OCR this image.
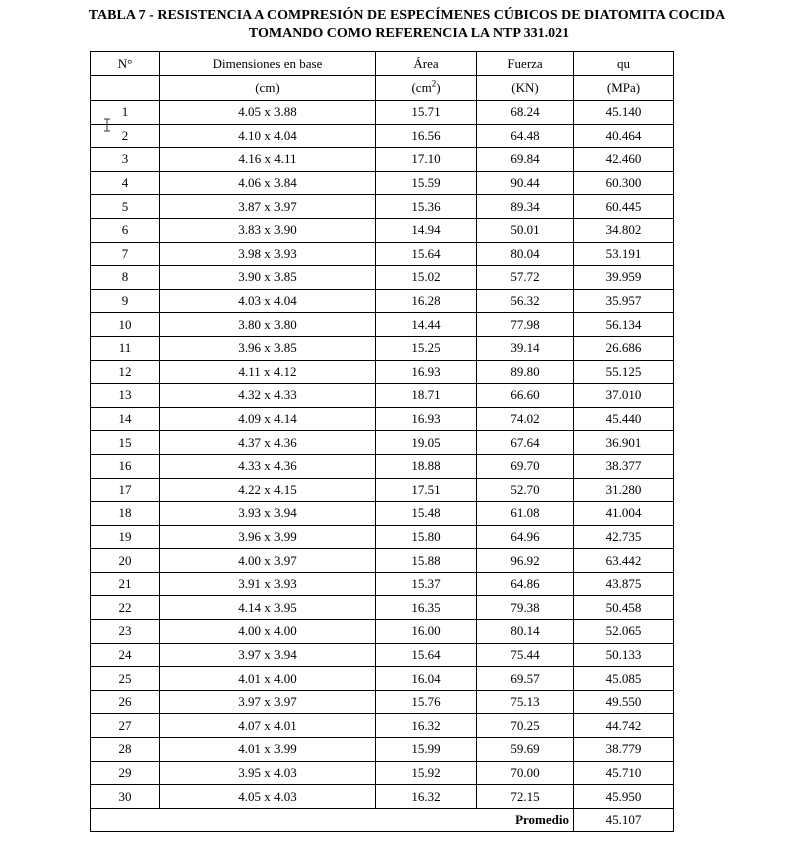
TABLA 7 - RESISTENCIA A COMPRESIÓN DE ESPECÍMENES CÚBICOS DE DIATOMITA COCIDA
TOMANDO COMO REFERENCIA LA NTP 331.021
N°	Dimensiones en base	Área	Fuerza	qu
	(cm)	$(cm^2)$	(KN)	(MPa)
1	4.05 x 3.88	15.71	68.24	45.140
2	4.10 x 4.04	16.56	64.48	40.464
3	4.16 x 4.11	17.10	69.84	42.460
4	4.06 x 3.84	15.59	90.44	60.300
5	3.87 x 3.97	15.36	89.34	60.445
6	3.83 x 3.90	14.94	50.01	34.802
7	3.98 x 3.93	15.64	80.04	53.191
8	3.90 x 3.85	15.02	57.72	39.959
9	4.03 x 4.04	16.28	56.32	35.957
10	3.80 x 3.80	14.44	77.98	56.134
11	3.96 x 3.85	15.25	39.14	26.686
12	4.11 x 4.12	16.93	89.80	55.125
13	4.32 x 4.33	18.71	66.60	37.010
14	4.09 x 4.14	16.93	74.02	45.440
15	4.37 x 4.36	19.05	67.64	36.901
16	4.33 x 4.36	18.88	69.70	38.377
17	4.22 x 4.15	17.51	52.70	31.280
18	3.93 x 3.94	15.48	61.08	41.004
19	3.96 x 3.99	15.80	64.96	42.735
20	4.00 x 3.97	15.88	96.92	63.442
21	3.91 x 3.93	15.37	64.86	43.875
22	4.14 x 3.95	16.35	79.38	50.458
23	4.00 x 4.00	16.00	80.14	52.065
24	3.97 x 3.94	15.64	75.44	50.133
25	4.01 x 4.00	16.04	69.57	45.085
26	3.97 x 3.97	15.76	75.13	49.550
27	4.07 x 4.01	16.32	70.25	44.742
28	4.01 x 3.99	15.99	59.69	38.779
29	3.95 x 4.03	15.92	70.00	45.710
30	4.05 x 4.03	16.32	72.15	45.950
			Promedio	45.107
